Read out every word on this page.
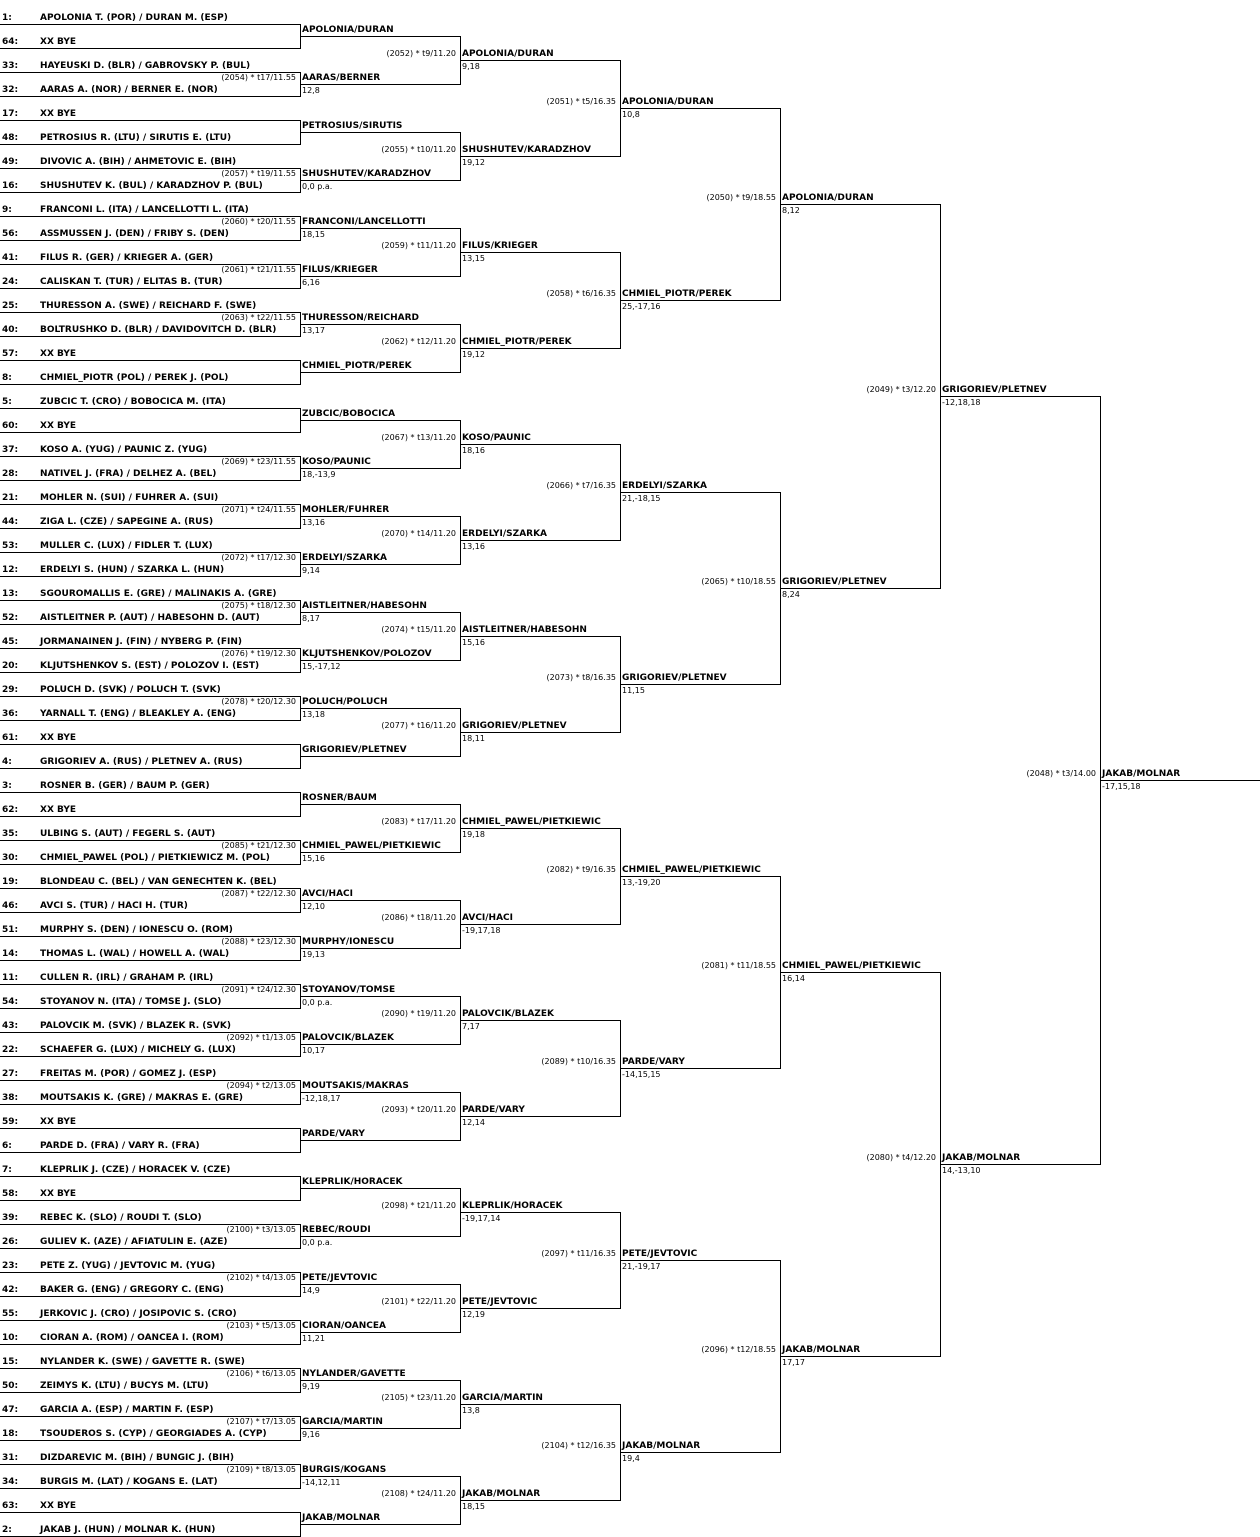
1:	APOLONIA T. (POR) / DURAN M. (ESP)
64: XX BYE
33: HAYEUSKI D. (BLR) / GABROVSKY P. (BUL)
32: AARAS A. (NOR) / BERNER E. (NOR)
17: XX BYE
48: PETROSIUS R. (LTU) / SIRUTIS E. (LTU)
49: DIVOVIC A. (BIH) / AHMETOVIC E. (BIH)
16: SHUSHUTEV K. (BUL) / KARADZHOV P. (BUL)
9:	FRANCONI L. (ITA) / LANCELLOTTI L. (ITA)
56: ASSMUSSEN J. (DEN) / FRIBY S. (DEN)
41: FILUS R. (GER) / KRIEGER A. (GER)
24: CALISKAN T. (TUR) / ELITAS B. (TUR)
25: THURESSON A. (SWE) / REICHARD F. (SWE)
40: BOLTRUSHKO D. (BLR) / DAVIDOVITCH D. (BLR)
57: XX BYE
8:	CHMIEL_PIOTR (POL) / PEREK J. (POL)
5:	ZUBCIC T. (CRO) / BOBOCICA M. (ITA)
60: XX BYE
37: KOSO A. (YUG) / PAUNIC Z. (YUG)
28: NATIVEL J. (FRA) / DELHEZ A. (BEL)
21: MOHLER N. (SUI) / FUHRER A. (SUI)
44: ZIGA L. (CZE) / SAPEGINE A. (RUS)
53: MULLER C. (LUX) / FIDLER T. (LUX)
12: ERDELYI S. (HUN) / SZARKA L. (HUN)
13: SGOUROMALLIS E. (GRE) / MALINAKIS A. (GRE)
52: AISTLEITNER P. (AUT) / HABESOHN D. (AUT)
45: JORMANAINEN J. (FIN) / NYBERG P. (FIN)
20: KLJUTSHENKOV S. (EST) / POLOZOV I. (EST)
29: POLUCH D. (SVK) / POLUCH T. (SVK)
36: YARNALL T. (ENG) / BLEAKLEY A. (ENG)
61: XX BYE
4:	GRIGORIEV A. (RUS) / PLETNEV A. (RUS)
3:	ROSNER B. (GER) / BAUM P. (GER)
62: XX BYE
35: ULBING S. (AUT) / FEGERL S. (AUT)
30: CHMIEL_PAWEL (POL) / PIETKIEWICZ M. (POL)
19: BLONDEAU C. (BEL) / VAN GENECHTEN K. (BEL)
46: AVCI S. (TUR) / HACI H. (TUR)
51: MURPHY S. (DEN) / IONESCU O. (ROM)
14: THOMAS L. (WAL) / HOWELL A. (WAL)
11: CULLEN R. (IRL) / GRAHAM P. (IRL)
54: STOYANOV N. (ITA) / TOMSE J. (SLO)
43: PALOVCIK M. (SVK) / BLAZEK R. (SVK)
22: SCHAEFER G. (LUX) / MICHELY G. (LUX)
27: FREITAS M. (POR) / GOMEZ J. (ESP)
38: MOUTSAKIS K. (GRE) / MAKRAS E. (GRE)
59: XX BYE
6:	PARDE D. (FRA) / VARY R. (FRA)
7:	KLEPRLIK J. (CZE) / HORACEK V. (CZE)
58: XX BYE
39: REBEC K. (SLO) / ROUDI T. (SLO)
26: GULIEV K. (AZE) / AFIATULIN E. (AZE)
23: PETE Z. (YUG) / JEVTOVIC M. (YUG)
42: BAKER G. (ENG) / GREGORY C. (ENG)
55: JERKOVIC J. (CRO) / JOSIPOVIC S. (CRO)
10: CIORAN A. (ROM) / OANCEA I. (ROM)
15: NYLANDER K. (SWE) / GAVETTE R. (SWE)
50: ZEIMYS K. (LTU) / BUCYS M. (LTU)
47: GARCIA A. (ESP) / MARTIN F. (ESP)
18: TSOUDEROS S. (CYP) / GEORGIADES A. (CYP)
31: DIZDAREVIC M. (BIH) / BUNGIC J. (BIH)
34: BURGIS M. (LAT) / KOGANS E. (LAT)
63: XX BYE
2:	JAKAB J. (HUN) / MOLNAR K. (HUN)
APOLONIA/DURAN
AARAS/BERNER
12,8
(2054) * t17/11.55
PETROSIUS/SIRUTIS
SHUSHUTEV/KARADZHOV
0,0 p.a.
(2057) * t19/11.55
FRANCONI/LANCELLOTTI
18,15
(2060) * t20/11.55
FILUS/KRIEGER
6,16
(2061) * t21/11.55
THURESSON/REICHARD
13,17
(2063) * t22/11.55
CHMIEL_PIOTR/PEREK
ZUBCIC/BOBOCICA
KOSO/PAUNIC
18,-13,9
(2069) * t23/11.55
MOHLER/FUHRER
13,16
(2071) * t24/11.55
ERDELYI/SZARKA
9,14
(2072) * t17/12.30
AISTLEITNER/HABESOHN
8,17
(2075) * t18/12.30
KLJUTSHENKOV/POLOZOV
15,-17,12
(2076) * t19/12.30
POLUCH/POLUCH
13,18
(2078) * t20/12.30
GRIGORIEV/PLETNEV
ROSNER/BAUM
CHMIEL_PAWEL/PIETKIEWIC
15,16
(2085) * t21/12.30
AVCI/HACI
12,10
(2087) * t22/12.30
MURPHY/IONESCU
19,13
(2088) * t23/12.30
STOYANOV/TOMSE
0,0 p.a.
(2091) * t24/12.30
PALOVCIK/BLAZEK
10,17
(2092) * t1/13.05
MOUTSAKIS/MAKRAS
-12,18,17
(2094) * t2/13.05
PARDE/VARY
KLEPRLIK/HORACEK
REBEC/ROUDI
0,0 p.a.
(2100) * t3/13.05
PETE/JEVTOVIC
14,9
(2102) * t4/13.05
CIORAN/OANCEA
11,21
(2103) * t5/13.05
NYLANDER/GAVETTE
9,19
(2106) * t6/13.05
GARCIA/MARTIN
9,16
(2107) * t7/13.05
BURGIS/KOGANS
-14,12,11
(2109) * t8/13.05
JAKAB/MOLNAR
APOLONIA/DURAN
9,18
(2052) * t9/11.20
SHUSHUTEV/KARADZHOV
19,12
(2055) * t10/11.20
FILUS/KRIEGER
13,15
(2059) * t11/11.20
CHMIEL_PIOTR/PEREK
19,12
(2062) * t12/11.20
KOSO/PAUNIC
18,16
(2067) * t13/11.20
ERDELYI/SZARKA
13,16
(2070) * t14/11.20
AISTLEITNER/HABESOHN
15,16
(2074) * t15/11.20
GRIGORIEV/PLETNEV
18,11
(2077) * t16/11.20
CHMIEL_PAWEL/PIETKIEWIC
19,18
(2083) * t17/11.20
AVCI/HACI
-19,17,18
(2086) * t18/11.20
PALOVCIK/BLAZEK
7,17
(2090) * t19/11.20
PARDE/VARY
12,14
(2093) * t20/11.20
KLEPRLIK/HORACEK
-19,17,14
(2098) * t21/11.20
PETE/JEVTOVIC
12,19
(2101) * t22/11.20
GARCIA/MARTIN
13,8
(2105) * t23/11.20
JAKAB/MOLNAR
18,15
(2108) * t24/11.20
APOLONIA/DURAN
10,8
(2051) * t5/16.35
CHMIEL_PIOTR/PEREK
25,-17,16
(2058) * t6/16.35
ERDELYI/SZARKA
21,-18,15
(2066) * t7/16.35
GRIGORIEV/PLETNEV
11,15
(2073) * t8/16.35
CHMIEL_PAWEL/PIETKIEWIC
13,-19,20
(2082) * t9/16.35
PARDE/VARY
-14,15,15
(2089) * t10/16.35
PETE/JEVTOVIC
21,-19,17
(2097) * t11/16.35
JAKAB/MOLNAR
19,4
(2104) * t12/16.35
APOLONIA/DURAN
8,12
(2050) * t9/18.55
GRIGORIEV/PLETNEV
8,24
(2065) * t10/18.55
CHMIEL_PAWEL/PIETKIEWIC
16,14
(2081) * t11/18.55
JAKAB/MOLNAR
17,17
(2096) * t12/18.55
GRIGORIEV/PLETNEV
-12,18,18
(2049) * t3/12.20
JAKAB/MOLNAR
14,-13,10
(2080) * t4/12.20
JAKAB/MOLNAR
-17,15,18
(2048) * t3/14.00
